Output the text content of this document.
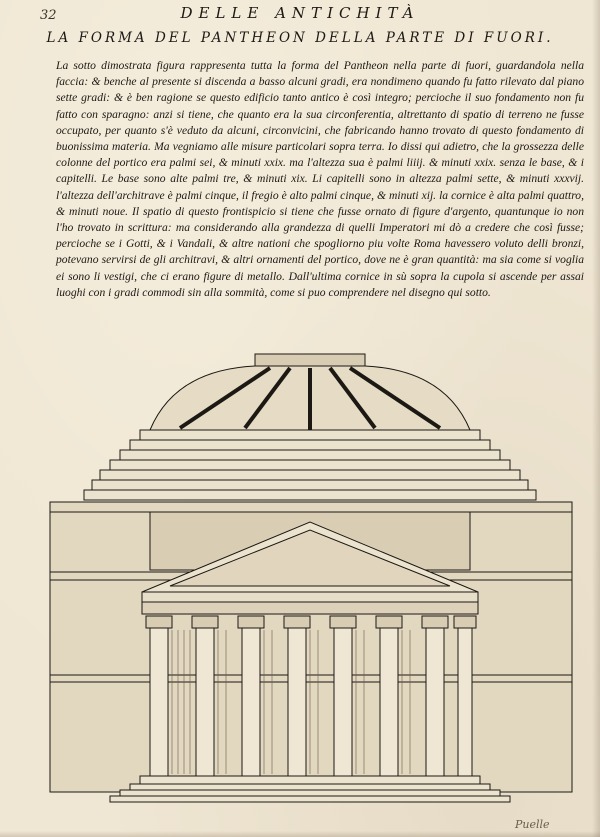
32	DELLE ANTICHITÀ
LA FORMA DEL PANTHEON DELLA PARTE DI FUORI.

La sotto dimostrata figura rappresenta tutta la forma del Pantheon nella parte di fuori, guardandola nella faccia: & benche al presente si discenda a basso alcuni gradi, era nondimeno quando fu fatto rilevato dal piano sette gradi: & è ben ragione se questo edificio tanto antico è così integro; percioche il suo fondamento non fu fatto con sparagno: anzi si tiene, che quanto era la sua circonferentia, altrettanto di spatio di terreno ne fusse occupato, per quanto s'è veduto da alcuni, circonvicini, che fabricando hanno trovato di questo fondamento di buonissima materia. Ma vegniamo alle misure particolari sopra terra. Io dissi qui adietro, che la grossezza delle colonne del portico era palmi sei, & minuti xxix. ma l'altezza sua è palmi liiij. & minuti xxix. senza le base, & i capitelli. Le base sono alte palmi tre, & minuti xix. Li capitelli sono in altezza palmi sette, & minuti xxxvij. l'altezza dell'architrave è palmi cinque, il fregio è alto palmi cinque, & minuti xij. la cornice è alta palmi quattro, & minuti noue. Il spatio di questo frontispicio si tiene che fusse ornato di figure d'argento, quantunque io non l'ho trovato in scrittura: ma considerando alla grandezza di quelli Imperatori mi dò a credere che così fusse; percioche se i Gotti, & i Vandali, & altre nationi che spogliorno piu volte Roma havessero voluto delli bronzi, potevano servirsi de gli architravi, & altri ornamenti del portico, dove ne è gran quantità: ma sia come si voglia ei sono li vestigi, che ci erano figure di metallo. Dall'ultima cornice in sù sopra la cupola si ascende per assai luoghi con i gradi commodi sin alla sommità, come si puo comprendere nel disegno qui sotto.

Puelle
